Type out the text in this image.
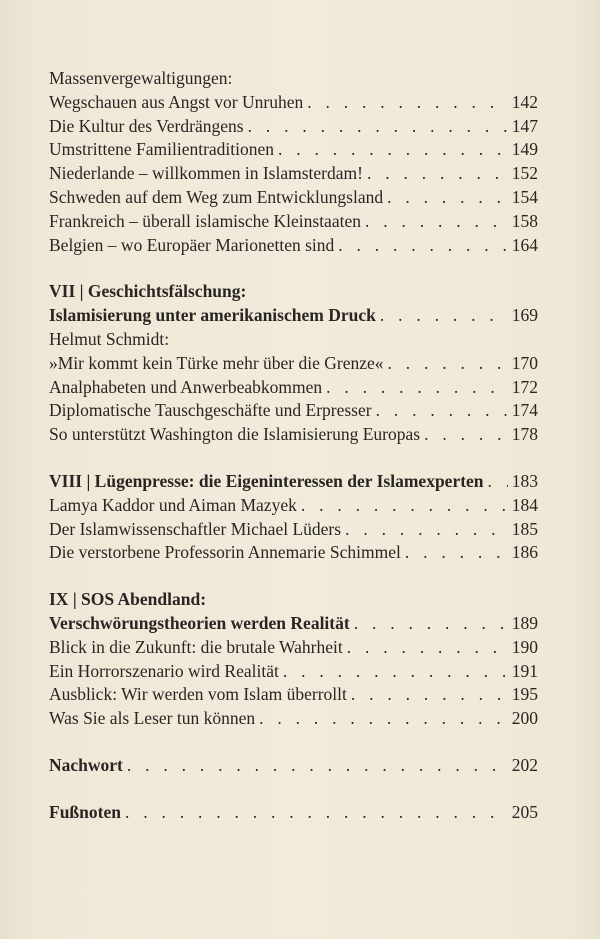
Massenvergewaltigungen:
Wegschauen aus Angst vor Unruhen . . .	142
Die Kultur des Verdrängens . . .	147
Umstrittene Familientraditionen . . .	149
Niederlande – willkommen in Islamsterdam! . . .	152
Schweden auf dem Weg zum Entwicklungsland . . .	154
Frankreich – überall islamische Kleinstaaten . . .	158
Belgien – wo Europäer Marionetten sind . . .	164
VII | Geschichtsfälschung:
Islamisierung unter amerikanischem Druck . . .	169
Helmut Schmidt:
»Mir kommt kein Türke mehr über die Grenze« . . .	170
Analphabeten und Anwerbeabkommen . . .	172
Diplomatische Tauschgeschäfte und Erpresser . . .	174
So unterstützt Washington die Islamisierung Europas . . .	178
VIII | Lügenpresse: die Eigeninteressen der Islamexperten . . . 183
Lamya Kaddor und Aiman Mazyek . . .	184
Der Islamwissenschaftler Michael Lüders . . .	185
Die verstorbene Professorin Annemarie Schimmel . . .	186
IX | SOS Abendland:
Verschwörungstheorien werden Realität . . .	189
Blick in die Zukunft: die brutale Wahrheit . . .	190
Ein Horrorszenario wird Realität . . .	191
Ausblick: Wir werden vom Islam überrollt . . .	195
Was Sie als Leser tun können . . .	200
Nachwort . . .	202
Fußnoten . . .	205
